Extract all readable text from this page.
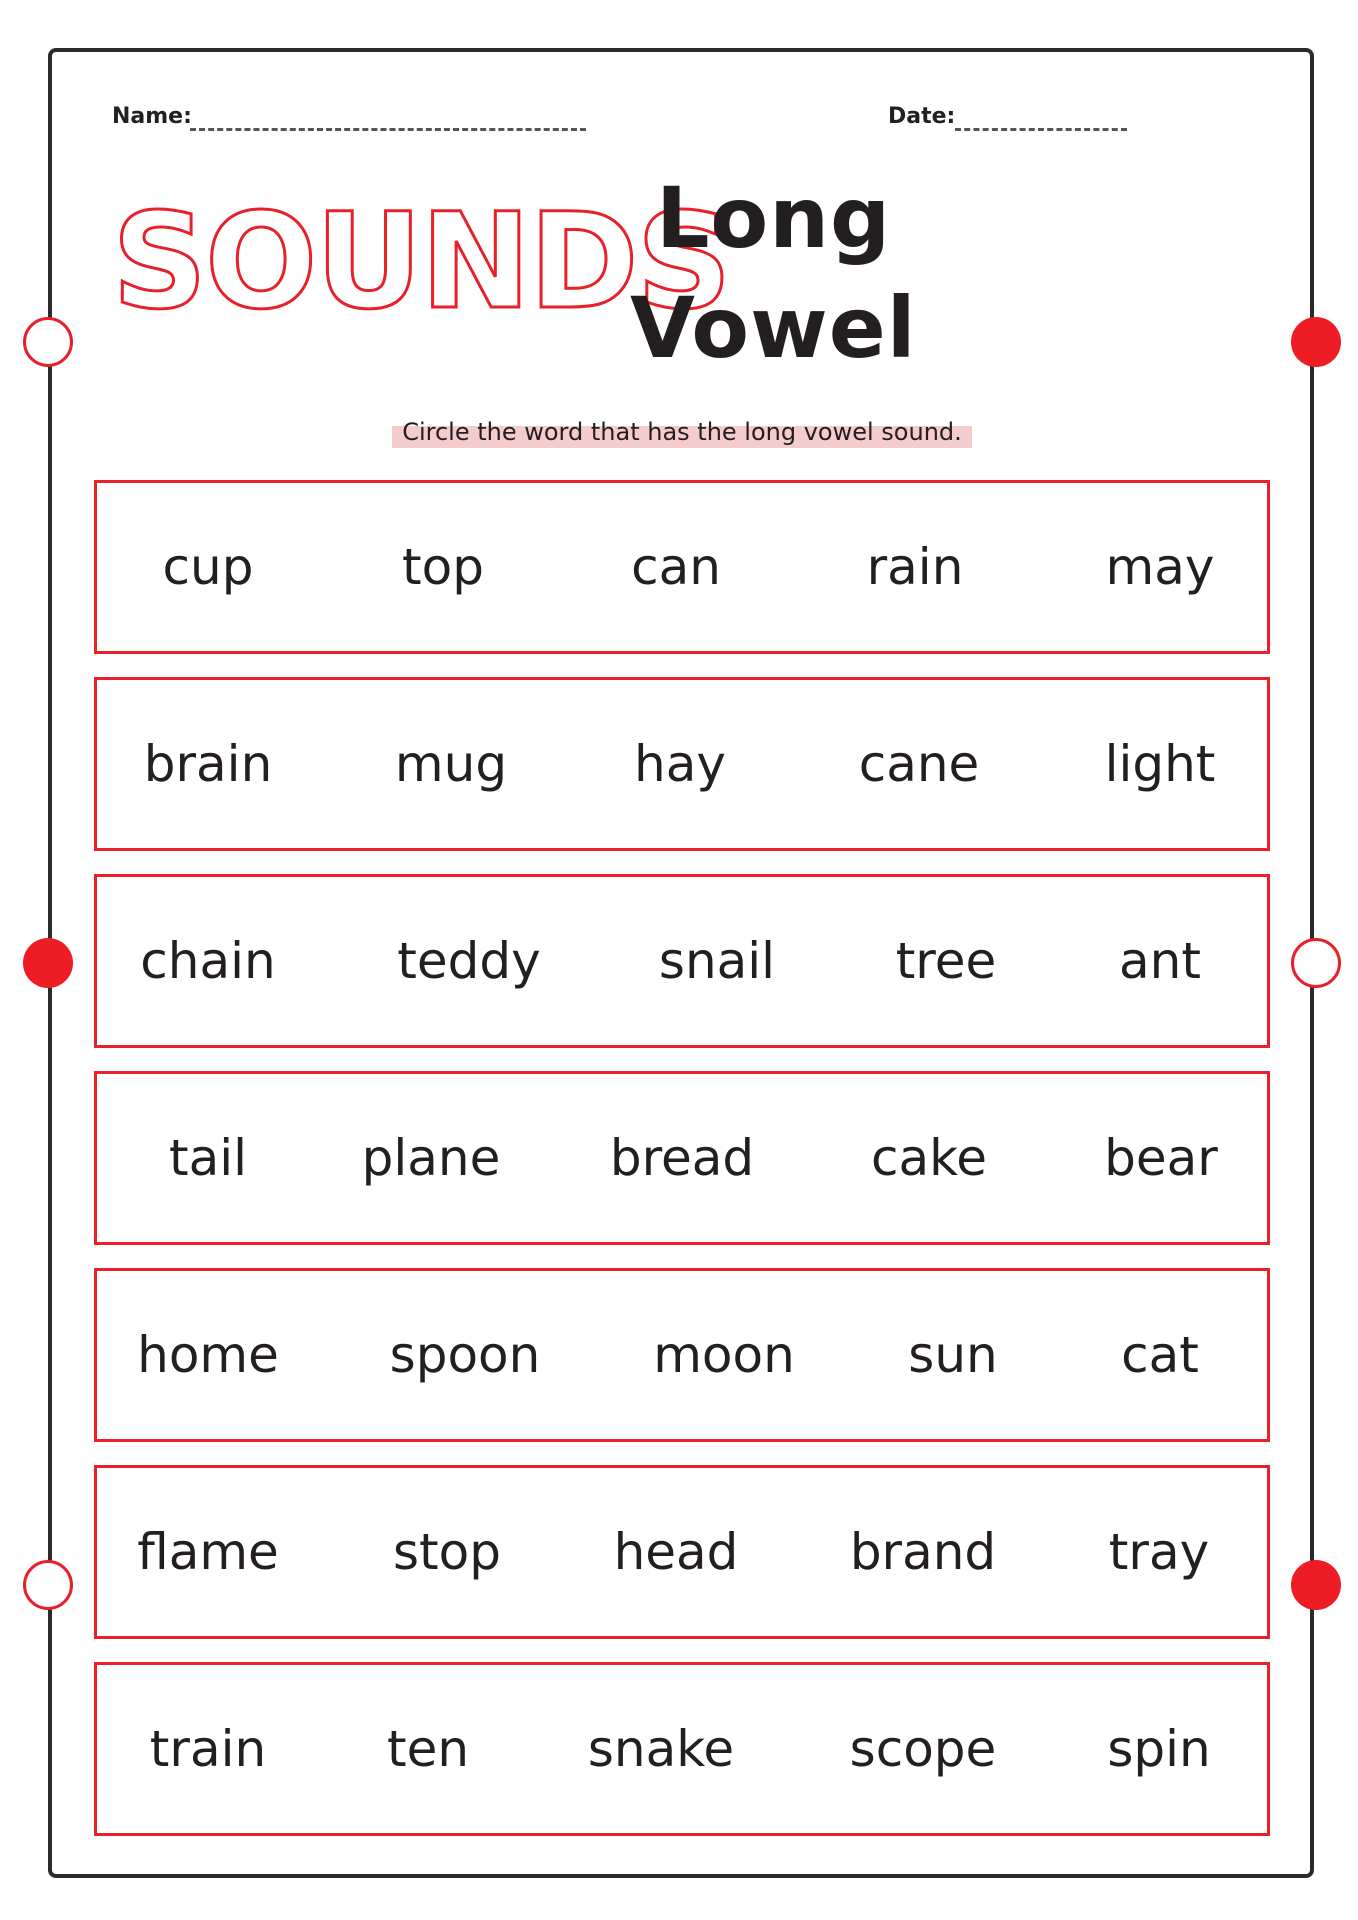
Name:	Date:
SOUNDS
Long
Vowel
Circle the word that has the long vowel sound.
cup	top	can	rain	may
brain mug	hay	cane	light
chain teddy snail tree ant
tail plane bread cake bear
home spoon moon sun cat
flame stop head brand tray
train ten snake scope spin
